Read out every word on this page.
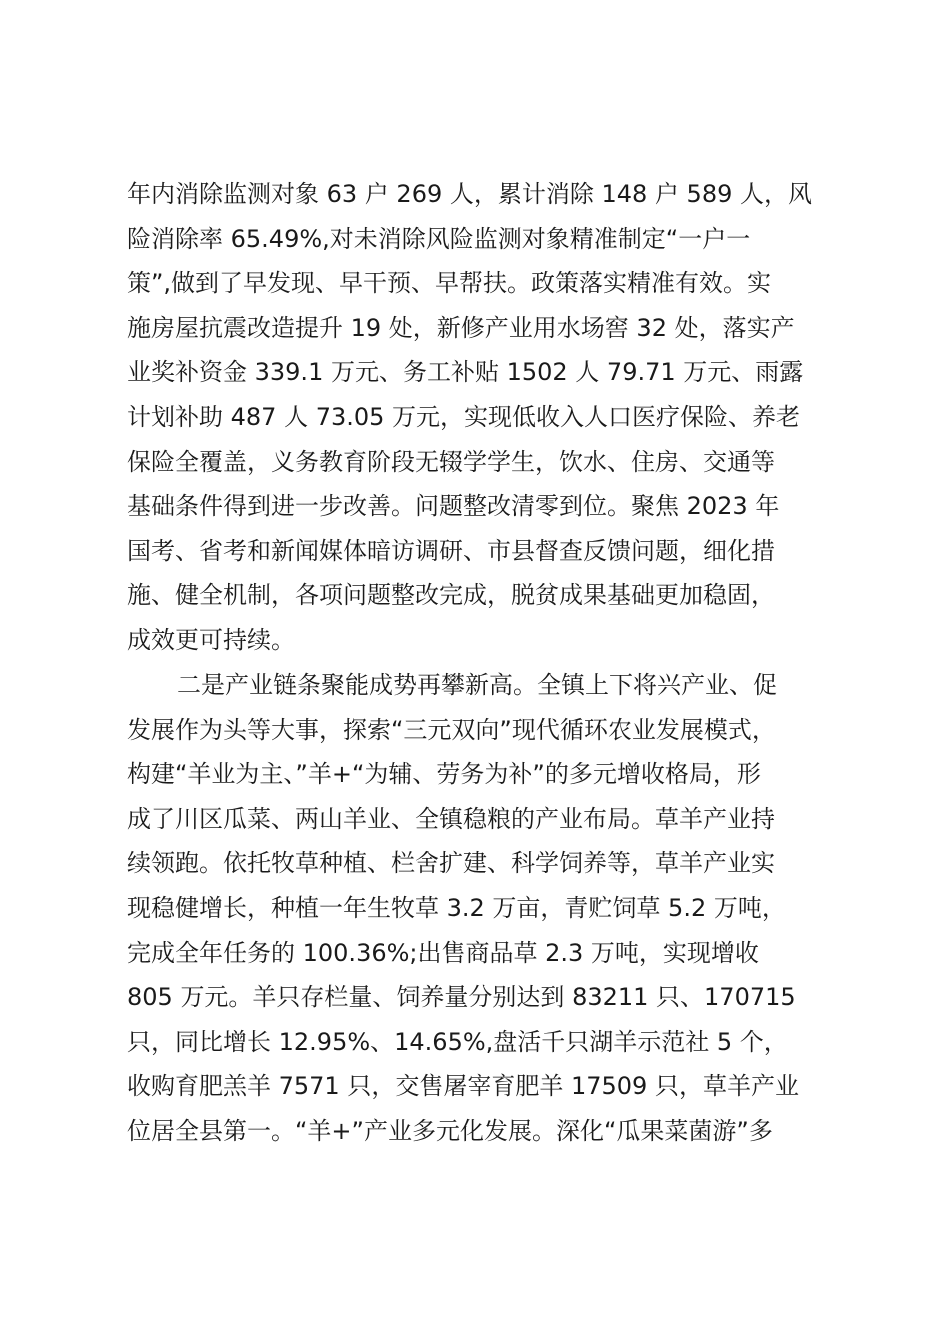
年内消除监测对象 63 户 269 人，累计消除 148 户 589 人，风
险消除率 65.49%,对未消除风险监测对象精准制定“一户一
策”,做到了早发现、早干预、早帮扶。政策落实精准有效。实
施房屋抗震改造提升 19 处，新修产业用水场窖 32 处，落实产
业奖补资金 339.1 万元、务工补贴 1502 人 79.71 万元、雨露
计划补助 487 人 73.05 万元，实现低收入人口医疗保险、养老
保险全覆盖，义务教育阶段无辍学学生，饮水、住房、交通等
基础条件得到进一步改善。问题整改清零到位。聚焦 2023 年
国考、省考和新闻媒体暗访调研、市县督查反馈问题，细化措
施、健全机制，各项问题整改完成，脱贫成果基础更加稳固，
成效更可持续。
二是产业链条聚能成势再攀新高。全镇上下将兴产业、促
发展作为头等大事，探索“三元双向”现代循环农业发展模式，
构建“羊业为主、”羊+“为辅、劳务为补”的多元增收格局，形
成了川区瓜菜、两山羊业、全镇稳粮的产业布局。草羊产业持
续领跑。依托牧草种植、栏舍扩建、科学饲养等，草羊产业实
现稳健增长，种植一年生牧草 3.2 万亩，青贮饲草 5.2 万吨，
完成全年任务的 100.36%;出售商品草 2.3 万吨，实现增收
805 万元。羊只存栏量、饲养量分别达到 83211 只、170715
只，同比增长 12.95%、14.65%,盘活千只湖羊示范社 5 个，
收购育肥羔羊 7571 只，交售屠宰育肥羊 17509 只，草羊产业
位居全县第一。“羊+”产业多元化发展。深化“瓜果菜菌游”多
